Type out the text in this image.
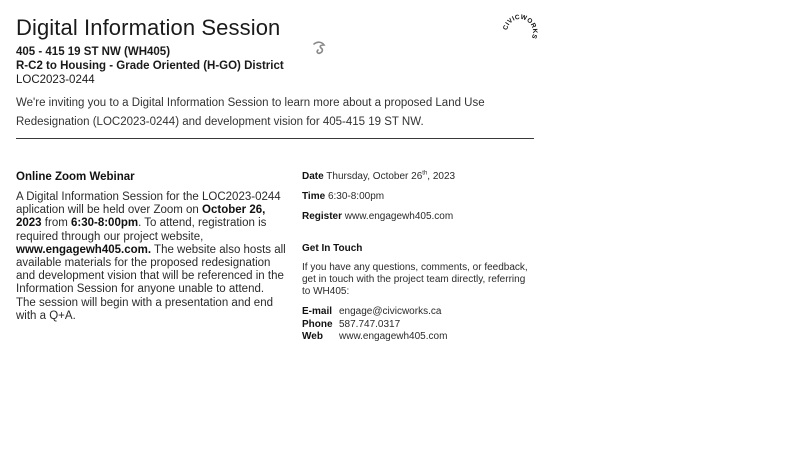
Digital Information Session
405 - 415 19 ST NW (WH405)
R-C2 to Housing - Grade Oriented (H-GO) District
LOC2023-0244
CIVICWORKS
We're inviting you to a Digital Information Session to learn more about a proposed Land Use Redesignation (LOC2023-0244) and development vision for 405-415 19 ST NW.
Online Zoom Webinar
A Digital Information Session for the LOC2023-0244 aplication will be held over Zoom on October 26, 2023 from 6:30-8:00pm. To attend, registration is required through our project website, www.engagewh405.com. The website also hosts all available materials for the proposed redesignation and development vision that will be referenced in the Information Session for anyone unable to attend. The session will begin with a presentation and end with a Q+A.
Date Thursday, October 26th, 2023
Time 6:30-8:00pm
Register www.engagewh405.com
Get In Touch
If you have any questions, comments, or feedback, get in touch with the project team directly, referring to WH405:
E-mail engage@civicworks.ca
Phone 587.747.0317
Web	www.engagewh405.com
